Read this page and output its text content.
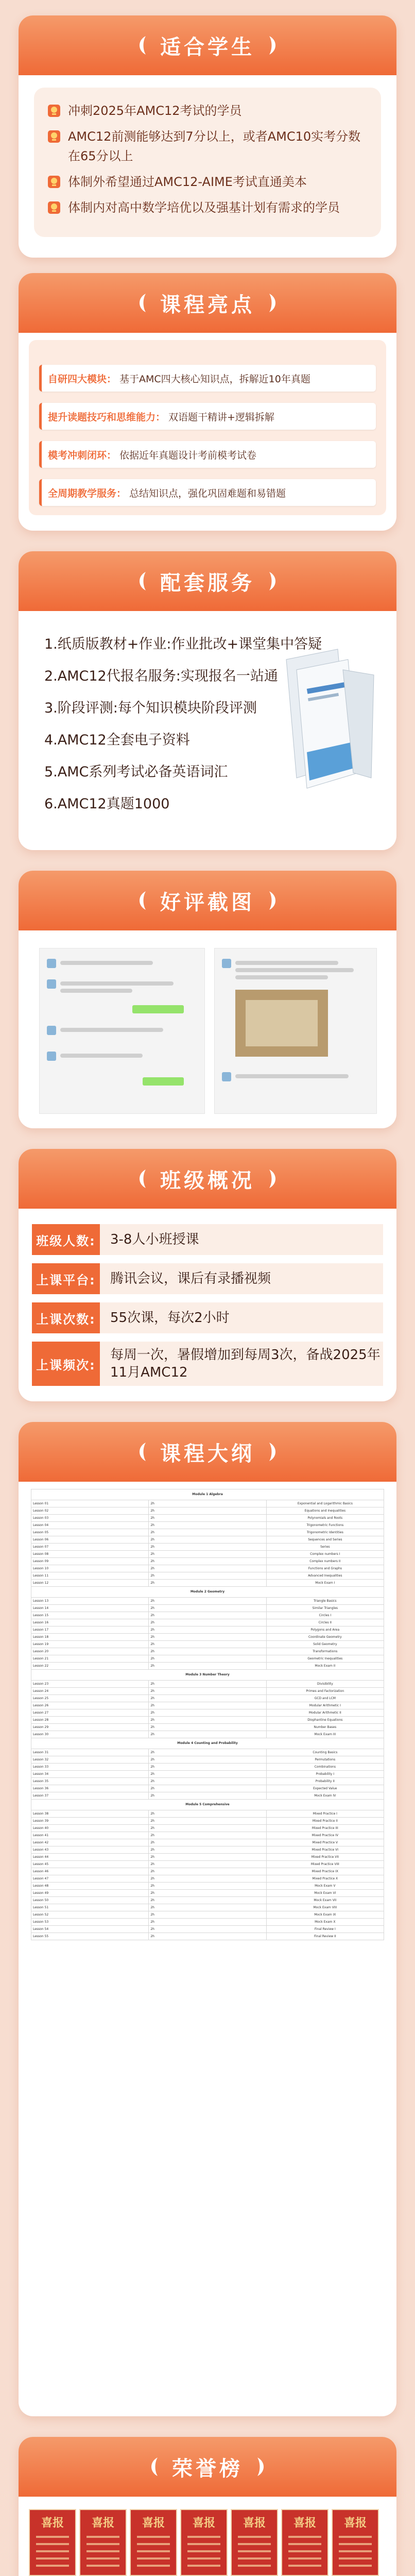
适合学生
冲刺2025年AMC12考试的学员
AMC12前测能够达到7分以上，或者AMC10实考分数在65分以上
体制外希望通过AMC12-AIME考试直通美本
体制内对高中数学培优以及强基计划有需求的学员
课程亮点
自研四大模块： 基于AMC四大核心知识点，拆解近10年真题
提升读题技巧和思维能力： 双语题干精讲+逻辑拆解
模考冲刺闭环： 依据近年真题设计考前模考试卷
全周期教学服务： 总结知识点，强化巩固难题和易错题
配套服务
1.纸质版教材+作业:作业批改+课堂集中答疑
2.AMC12代报名服务:实现报名一站通
3.阶段评测:每个知识模块阶段评测
4.AMC12全套电子资料
5.AMC系列考试必备英语词汇
6.AMC12真题1000
好评截图
班级概况
班级人数:	3-8人小班授课
上课平台:	腾讯会议，课后有录播视频
上课次数:	55次课，每次2小时
上课频次:
每周一次，暑假增加到每周3次，备战2025年11月AMC12
课程大纲
Module 1 Algebra		
Lesson 01	2h	Exponential and Logarithmic Basics
Lesson 02	2h	Equations and Inequalities
Lesson 03	2h	Polynomials and Roots
Lesson 04	2h	Trigonometric Functions
Lesson 05	2h	Trigonometric Identities
Lesson 06	2h	Sequences and Series
Lesson 07	2h	Series
Lesson 08	2h	Complex numbers I
Lesson 09	2h	Complex numbers II
Lesson 10	2h	Functions and Graphs
Lesson 11	2h	Advanced Inequalities
Lesson 12	2h	Mock Exam I
Module 2 Geometry		
Lesson 13	2h	Triangle Basics
Lesson 14	2h	Similar Triangles
Lesson 15	2h	Circles I
Lesson 16	2h	Circles II
Lesson 17	2h	Polygons and Area
Lesson 18	2h	Coordinate Geometry
Lesson 19	2h	Solid Geometry
Lesson 20	2h	Transformations
Lesson 21	2h	Geometric Inequalities
Lesson 22	2h	Mock Exam II
Module 3 Number Theory		
Lesson 23	2h	Divisibility
Lesson 24	2h	Primes and Factorization
Lesson 25	2h	GCD and LCM
Lesson 26	2h	Modular Arithmetic I
Lesson 27	2h	Modular Arithmetic II
Lesson 28	2h	Diophantine Equations
Lesson 29	2h	Number Bases
Lesson 30	2h	Mock Exam III
Module 4 Counting and Probability		
Lesson 31	2h	Counting Basics
Lesson 32	2h	Permutations
Lesson 33	2h	Combinations
Lesson 34	2h	Probability I
Lesson 35	2h	Probability II
Lesson 36	2h	Expected Value
Lesson 37	2h	Mock Exam IV
Module 5 Comprehensive		
Lesson 38	2h	Mixed Practice I
Lesson 39	2h	Mixed Practice II
Lesson 40	2h	Mixed Practice III
Lesson 41	2h	Mixed Practice IV
Lesson 42	2h	Mixed Practice V
Lesson 43	2h	Mixed Practice VI
Lesson 44	2h	Mixed Practice VII
Lesson 45	2h	Mixed Practice VIII
Lesson 46	2h	Mixed Practice IX
Lesson 47	2h	Mixed Practice X
Lesson 48	2h	Mock Exam V
Lesson 49	2h	Mock Exam VI
Lesson 50	2h	Mock Exam VII
Lesson 51	2h	Mock Exam VIII
Lesson 52	2h	Mock Exam IX
Lesson 53	2h	Mock Exam X
Lesson 54	2h	Final Review I
Lesson 55	2h	Final Review II
荣誉榜
喜报	喜报	喜报	喜报	喜报	喜报	喜报
